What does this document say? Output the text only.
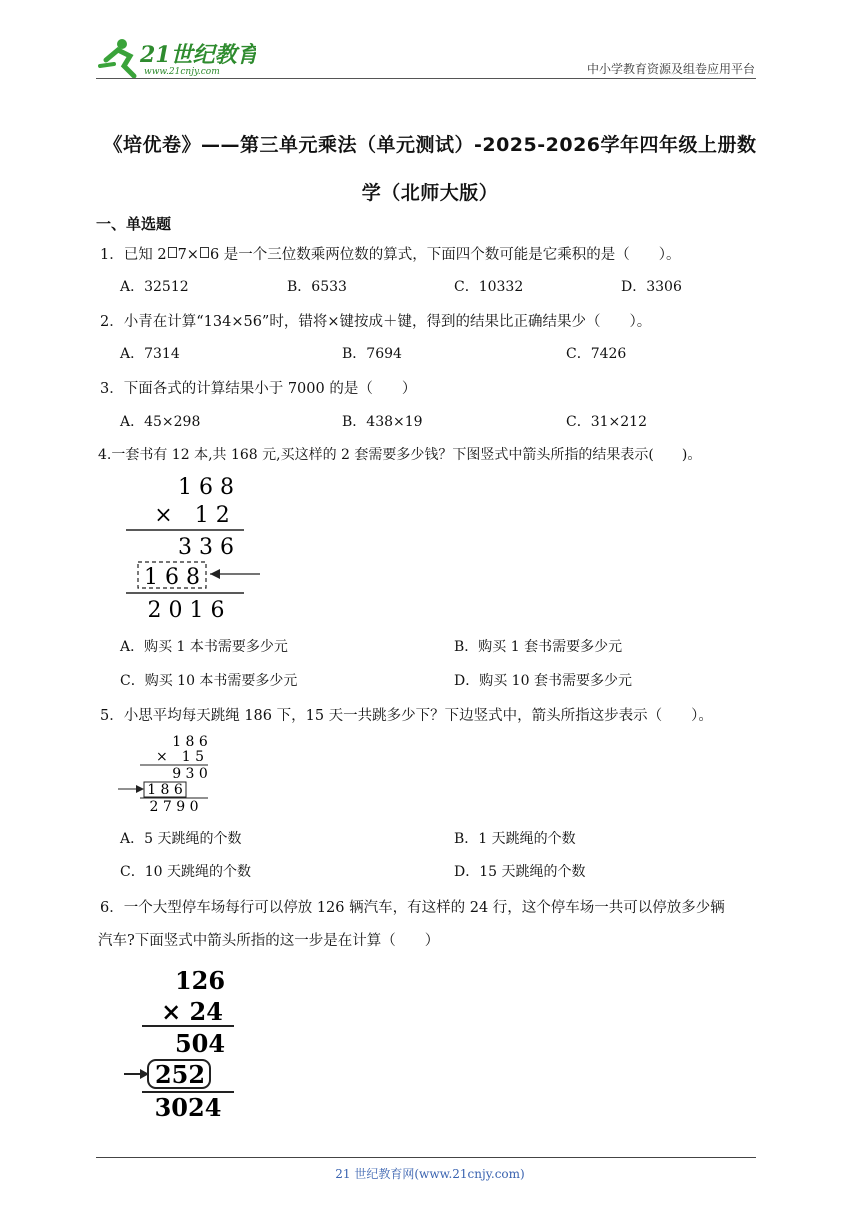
21世纪教育
www.21cnjy.com	中小学教育资源及组卷应用平台
《培优卷》——第三单元乘法（单元测试）-2025-2026学年四年级上册数
学（北师大版）
一、单选题
1．已知 2 7× 6 是一个三位数乘两位数的算式，下面四个数可能是它乘积的是（　　）。
A．32512	B．6533	C．10332	D．3306
2．小青在计算“134×56”时，错将×键按成＋键，得到的结果比正确结果少（　　）。
A．7314	B．7694	C．7426
3．下面各式的计算结果小于 7000 的是（　　）
A．45×298	B．438×19	C．31×212
4.一套书有 12 本,共 168 元,买这样的 2 套需要多少钱？下图竖式中箭头所指的结果表示(　　)。
1 6 8
×　1 2
3 3 6
1 6 8
2 0 1 6
A．购买 1 本书需要多少元	B．购买 1 套书需要多少元
C．购买 10 本书需要多少元	D．购买 10 套书需要多少元
5．小思平均每天跳绳 186 下，15 天一共跳多少下？下边竖式中，箭头所指这步表示（　　）。
1 8 6
×　1 5
9 3 0
1 8 6
2 7 9 0
A．5 天跳绳的个数	B．1 天跳绳的个数
C．10 天跳绳的个数	D．15 天跳绳的个数
6．一个大型停车场每行可以停放 126 辆汽车，有这样的 24 行，这个停车场一共可以停放多少辆
汽车?下面竖式中箭头所指的这一步是在计算（　　）
126
× 24
504
252
3024
21 世纪教育网(www.21cnjy.com)
